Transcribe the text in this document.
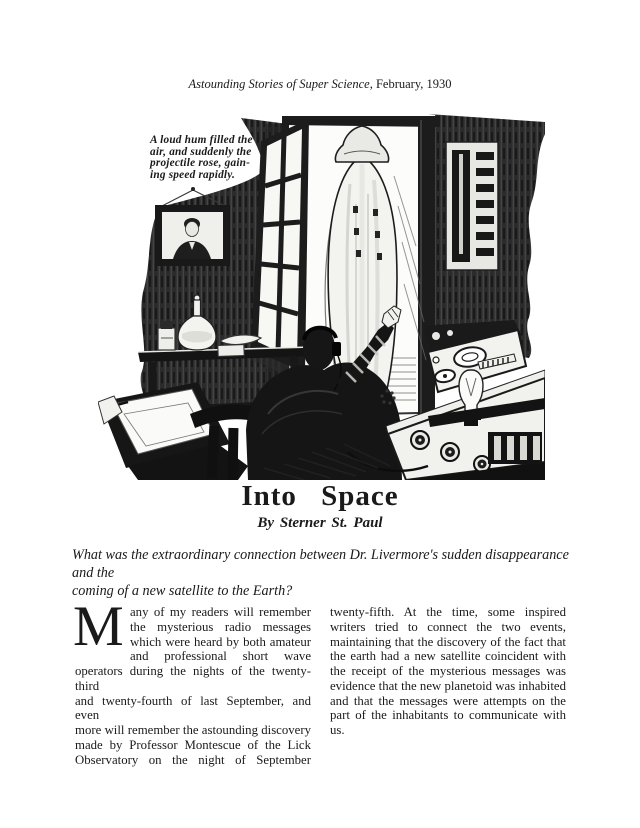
Astounding Stories of Super Science, February, 1930
A loud hum filled the
air, and suddenly the
projectile rose, gain-
ing speed rapidly.
Into Space
By Sterner St. Paul
What was the extraordinary connection between Dr. Livermore's sudden disappearance and the
coming of a new satellite to the Earth?
M any of my readers will remember
the mysterious radio messages
which were heard by both amateur
and professional short wave
operators during the nights of the twenty-third
and twenty-fourth of last September, and even
more will remember the astounding discovery
made by Professor Montescue of the Lick
Observatory on the night of September
twenty-fifth. At the time, some inspired
writers tried to connect the two events,
maintaining that the discovery of the fact that
the earth had a new satellite coincident with
the receipt of the mysterious messages was
evidence that the new planetoid was inhabited
and that the messages were attempts on the
part of the inhabitants to communicate with
us.
